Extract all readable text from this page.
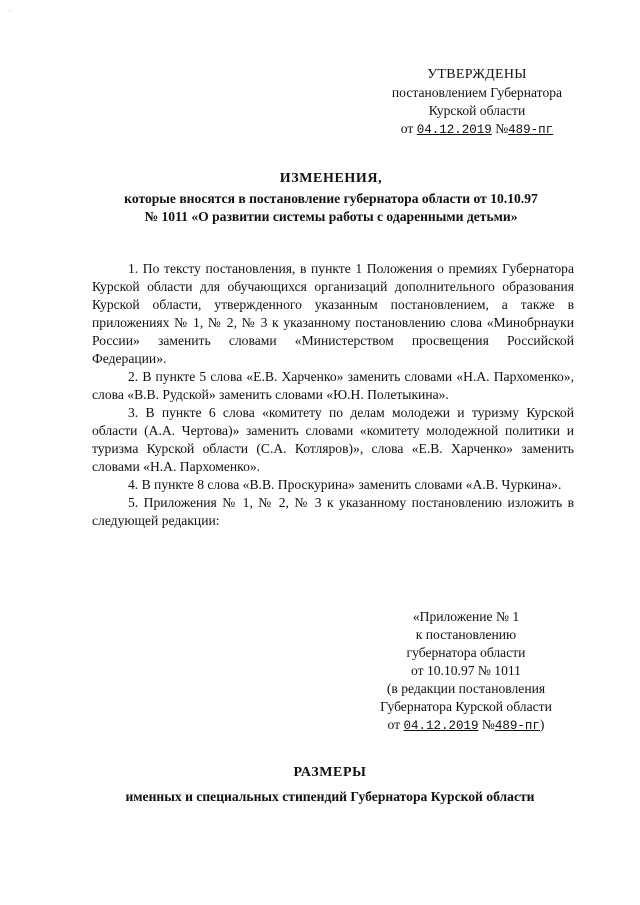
-
УТВЕРЖДЕНЫ
постановлением Губернатора
Курской области
от 04.12.2019 №489-пг
ИЗМЕНЕНИЯ,
которые вносятся в постановление губернатора области от 10.10.97
№ 1011 «О развитии системы работы с одаренными детьми»

1. По тексту постановления, в пункте 1 Положения о премиях Губернатора Курской области для обучающихся организаций дополнительного образования Курской области, утвержденного указанным постановлением, а также в приложениях № 1, № 2, № 3 к указанному постановлению слова «Минобрнауки России» заменить словами «Министерством просвещения Российской Федерации».

2. В пункте 5 слова «Е.В. Харченко» заменить словами «Н.А. Пархоменко», слова «В.В. Рудской» заменить словами «Ю.Н. Полетыкина».

3. В пункте 6 слова «комитету по делам молодежи и туризму Курской области (А.А. Чертова)» заменить словами «комитету молодежной политики и туризма Курской области (С.А. Котляров)», слова «Е.В. Харченко» заменить словами «Н.А. Пархоменко».

4. В пункте 8 слова «В.В. Проскурина» заменить словами «А.В. Чуркина».

5. Приложения № 1, № 2, № 3 к указанному постановлению изложить в следующей редакции:

«Приложение № 1
к постановлению
губернатора области
от 10.10.97 № 1011
(в редакции постановления
Губернатора Курской области
от 04.12.2019 №489-пг)
РАЗМЕРЫ
именных и специальных стипендий Губернатора Курской области
